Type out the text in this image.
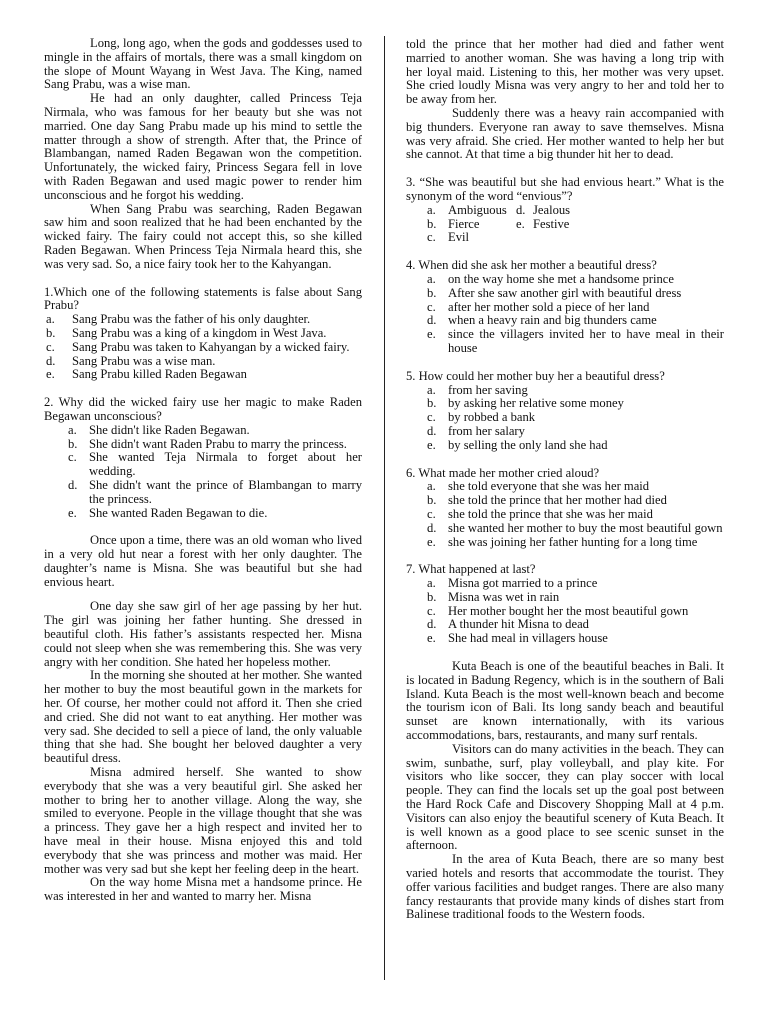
Long, long ago, when the gods and goddesses used to mingle in the affairs of mortals, there was a small kingdom on the slope of Mount Wayang in West Java. The King, named Sang Prabu, was a wise man.

He had an only daughter, called Princess Teja Nirmala, who was famous for her beauty but she was not married. One day Sang Prabu made up his mind to settle the matter through a show of strength. After that, the Prince of Blambangan, named Raden Begawan won the competition. Unfortunately, the wicked fairy, Princess Segara fell in love with Raden Begawan and used magic power to render him unconscious and he forgot his wedding.

When Sang Prabu was searching, Raden Begawan saw him and soon realized that he had been enchanted by the wicked fairy. The fairy could not accept this, so she killed Raden Begawan. When Princess Teja Nirmala heard this, she was very sad. So, a nice fairy took her to the Kahyangan.

1.Which one of the following statements is false about Sang Prabu?

a.	Sang Prabu was the father of his only daughter.
b.	Sang Prabu was a king of a kingdom in West Java.
c.	Sang Prabu was taken to Kahyangan by a wicked fairy.
d.	Sang Prabu was a wise man.
e.	Sang Prabu killed Raden Begawan

2. Why did the wicked fairy use her magic to make Raden Begawan unconscious?

a. She didn't like Raden Begawan.
b. She didn't want Raden Prabu to marry the princess.
c. She wanted Teja Nirmala to forget about her wedding.
d. She didn't want the prince of Blambangan to marry the princess.
e. She wanted Raden Begawan to die.

Once upon a time, there was an old woman who lived in a very old hut near a forest with her only daughter. The daughter’s name is Misna. She was beautiful but she had envious heart.

One day she saw girl of her age passing by her hut. The girl was joining her father hunting. She dressed in beautiful cloth. His father’s assistants respected her. Misna could not sleep when she was remembering this. She was very angry with her condition. She hated her hopeless mother.

In the morning she shouted at her mother. She wanted her mother to buy the most beautiful gown in the markets for her. Of course, her mother could not afford it. Then she cried and cried. She did not want to eat anything. Her mother was very sad. She decided to sell a piece of land, the only valuable thing that she had. She bought her beloved daughter a very beautiful dress.

Misna admired herself. She wanted to show everybody that she was a very beautiful girl. She asked her mother to bring her to another village. Along the way, she smiled to everyone. People in the village thought that she was a princess. They gave her a high respect and invited her to have meal in their house. Misna enjoyed this and told everybody that she was princess and mother was maid. Her mother was very sad but she kept her feeling deep in the heart.

On the way home Misna met a handsome prince. He was interested in her and wanted to marry her. Misna

told the prince that her mother had died and father went married to another woman. She was having a long trip with her loyal maid. Listening to this, her mother was very upset. She cried loudly Misna was very angry to her and told her to be away from her.

Suddenly there was a heavy rain accompanied with big thunders. Everyone ran away to save themselves. Misna was very afraid. She cried. Her mother wanted to help her but she cannot. At that time a big thunder hit her to dead.

3. “She was beautiful but she had envious heart.” What is the synonym of the word “envious”?

a. Ambiguous d. Jealous
b. Fierce	e. Festive
c. Evil

4. When did she ask her mother a beautiful dress?

a. on the way home she met a handsome prince
b. After she saw another girl with beautiful dress
c. after her mother sold a piece of her land
d. when a heavy rain and big thunders came
e. since the villagers invited her to have meal in their house

5. How could her mother buy her a beautiful dress?

a. from her saving
b. by asking her relative some money
c. by robbed a bank
d. from her salary
e. by selling the only land she had

6. What made her mother cried aloud?

a. she told everyone that she was her maid
b. she told the prince that her mother had died
c. she told the prince that she was her maid
d. she wanted her mother to buy the most beautiful gown
e. she was joining her father hunting for a long time

7. What happened at last?

a. Misna got married to a prince
b. Misna was wet in rain
c. Her mother bought her the most beautiful gown
d. A thunder hit Misna to dead
e. She had meal in villagers house

Kuta Beach is one of the beautiful beaches in Bali. It is located in Badung Regency, which is in the southern of Bali Island. Kuta Beach is the most well-known beach and become the tourism icon of Bali. Its long sandy beach and beautiful sunset are known internationally, with its various accommodations, bars, restaurants, and many surf rentals.

Visitors can do many activities in the beach. They can swim, sunbathe, surf, play volleyball, and play kite. For visitors who like soccer, they can play soccer with local people. They can find the locals set up the goal post between the Hard Rock Cafe and Discovery Shopping Mall at 4 p.m. Visitors can also enjoy the beautiful scenery of Kuta Beach. It is well known as a good place to see scenic sunset in the afternoon.

In the area of Kuta Beach, there are so many best varied hotels and resorts that accommodate the tourist. They offer various facilities and budget ranges. There are also many fancy restaurants that provide many kinds of dishes start from Balinese traditional foods to the Western foods.
